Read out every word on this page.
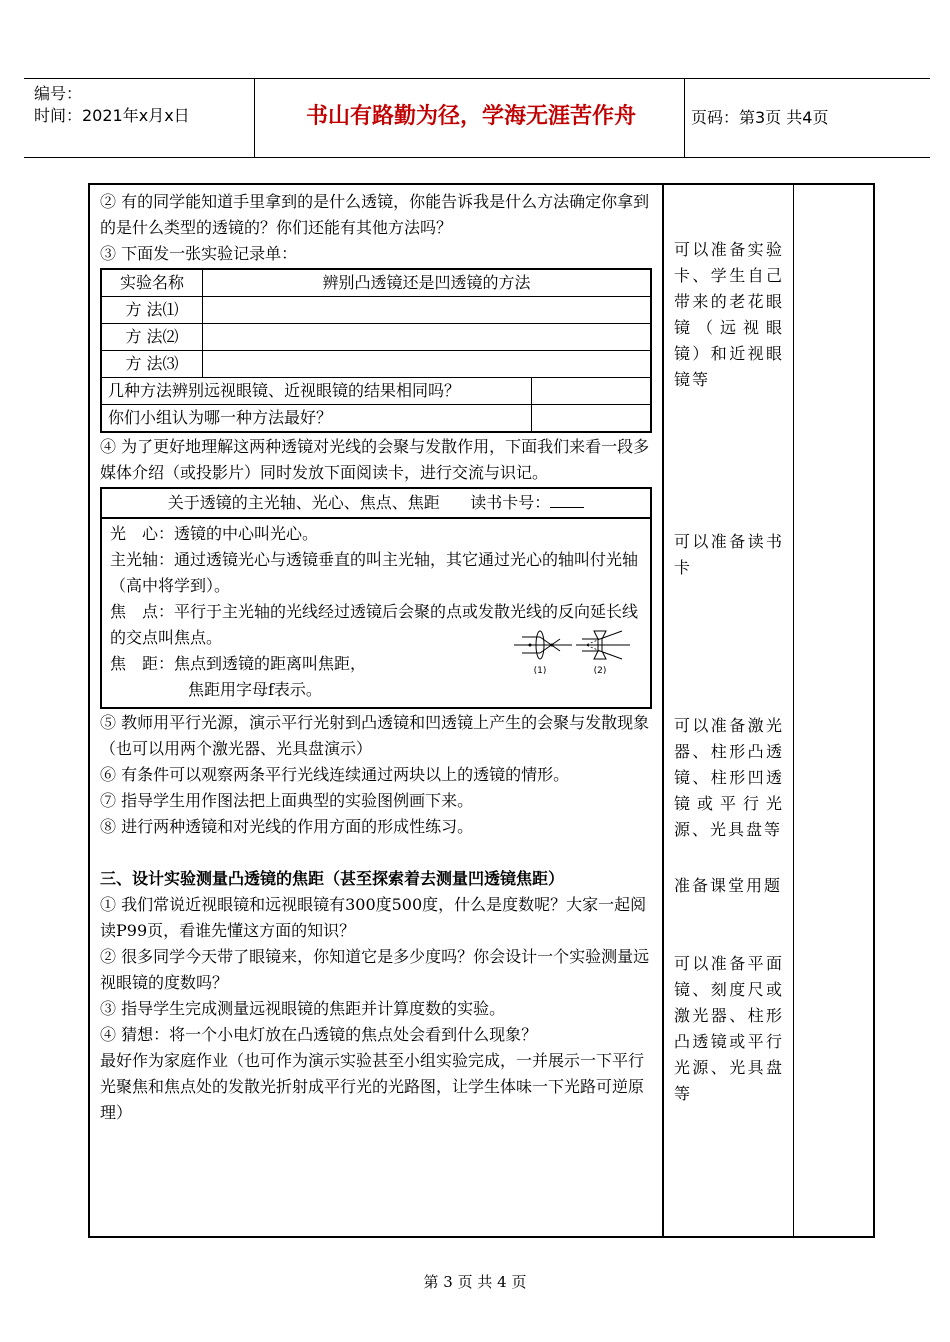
编号：
时间：2021年x月x日	书山有路勤为径，学海无涯苦作舟	页码：第3页 共4页

② 有的同学能知道手里拿到的是什么透镜，你能告诉我是什么方法确定你拿到的是什么类型的透镜的？你们还能有其他方法吗？

③ 下面发一张实验记录单：

实验名称	辨别凸透镜还是凹透镜的方法	
方 法⑴		
方 法⑵		
方 法⑶		
几种方法辨别远视眼镜、近视眼镜的结果相同吗？		
你们小组认为哪一种方法最好？		

④ 为了更好地理解这两种透镜对光线的会聚与发散作用，下面我们来看一段多媒体介绍（或投影片）同时发放下面阅读卡，进行交流与识记。

关于透镜的主光轴、光心、焦点、焦距 读书卡号：

光　心：透镜的中心叫光心。

主光轴：通过透镜光心与透镜垂直的叫主光轴，其它通过光心的轴叫付光轴（高中将学到）。

焦　点：平行于主光轴的光线经过透镜后会聚的点或发散光线的反向延长线的交点叫焦点。

焦　距：焦点到透镜的距离叫焦距，

焦距用字母f表示。

(1)	(2)

⑤ 教师用平行光源，演示平行光射到凸透镜和凹透镜上产生的会聚与发散现象（也可以用两个激光器、光具盘演示）

⑥ 有条件可以观察两条平行光线连续通过两块以上的透镜的情形。

⑦ 指导学生用作图法把上面典型的实验图例画下来。

⑧ 进行两种透镜和对光线的作用方面的形成性练习。

三、设计实验测量凸透镜的焦距（甚至探索着去测量凹透镜焦距）

① 我们常说近视眼镜和远视眼镜有300度500度，什么是度数呢？大家一起阅读P99页，看谁先懂这方面的知识？

② 很多同学今天带了眼镜来，你知道它是多少度吗？你会设计一个实验测量远视眼镜的度数吗？

③ 指导学生完成测量远视眼镜的焦距并计算度数的实验。

④ 猜想：将一个小电灯放在凸透镜的焦点处会看到什么现象？

最好作为家庭作业（也可作为演示实验甚至小组实验完成，一并展示一下平行光聚焦和焦点处的发散光折射成平行光的光路图，让学生体味一下光路可逆原理）

可以准备实验卡、学生自己带来的老花眼镜（远视眼镜）和近视眼镜等
可以准备读书卡
可以准备激光器、柱形凸透镜、柱形凹透镜或平行光源、光具盘等
准备课堂用题
可以准备平面镜、刻度尺或激光器、柱形凸透镜或平行光源、光具盘等
第 3 页 共 4 页
